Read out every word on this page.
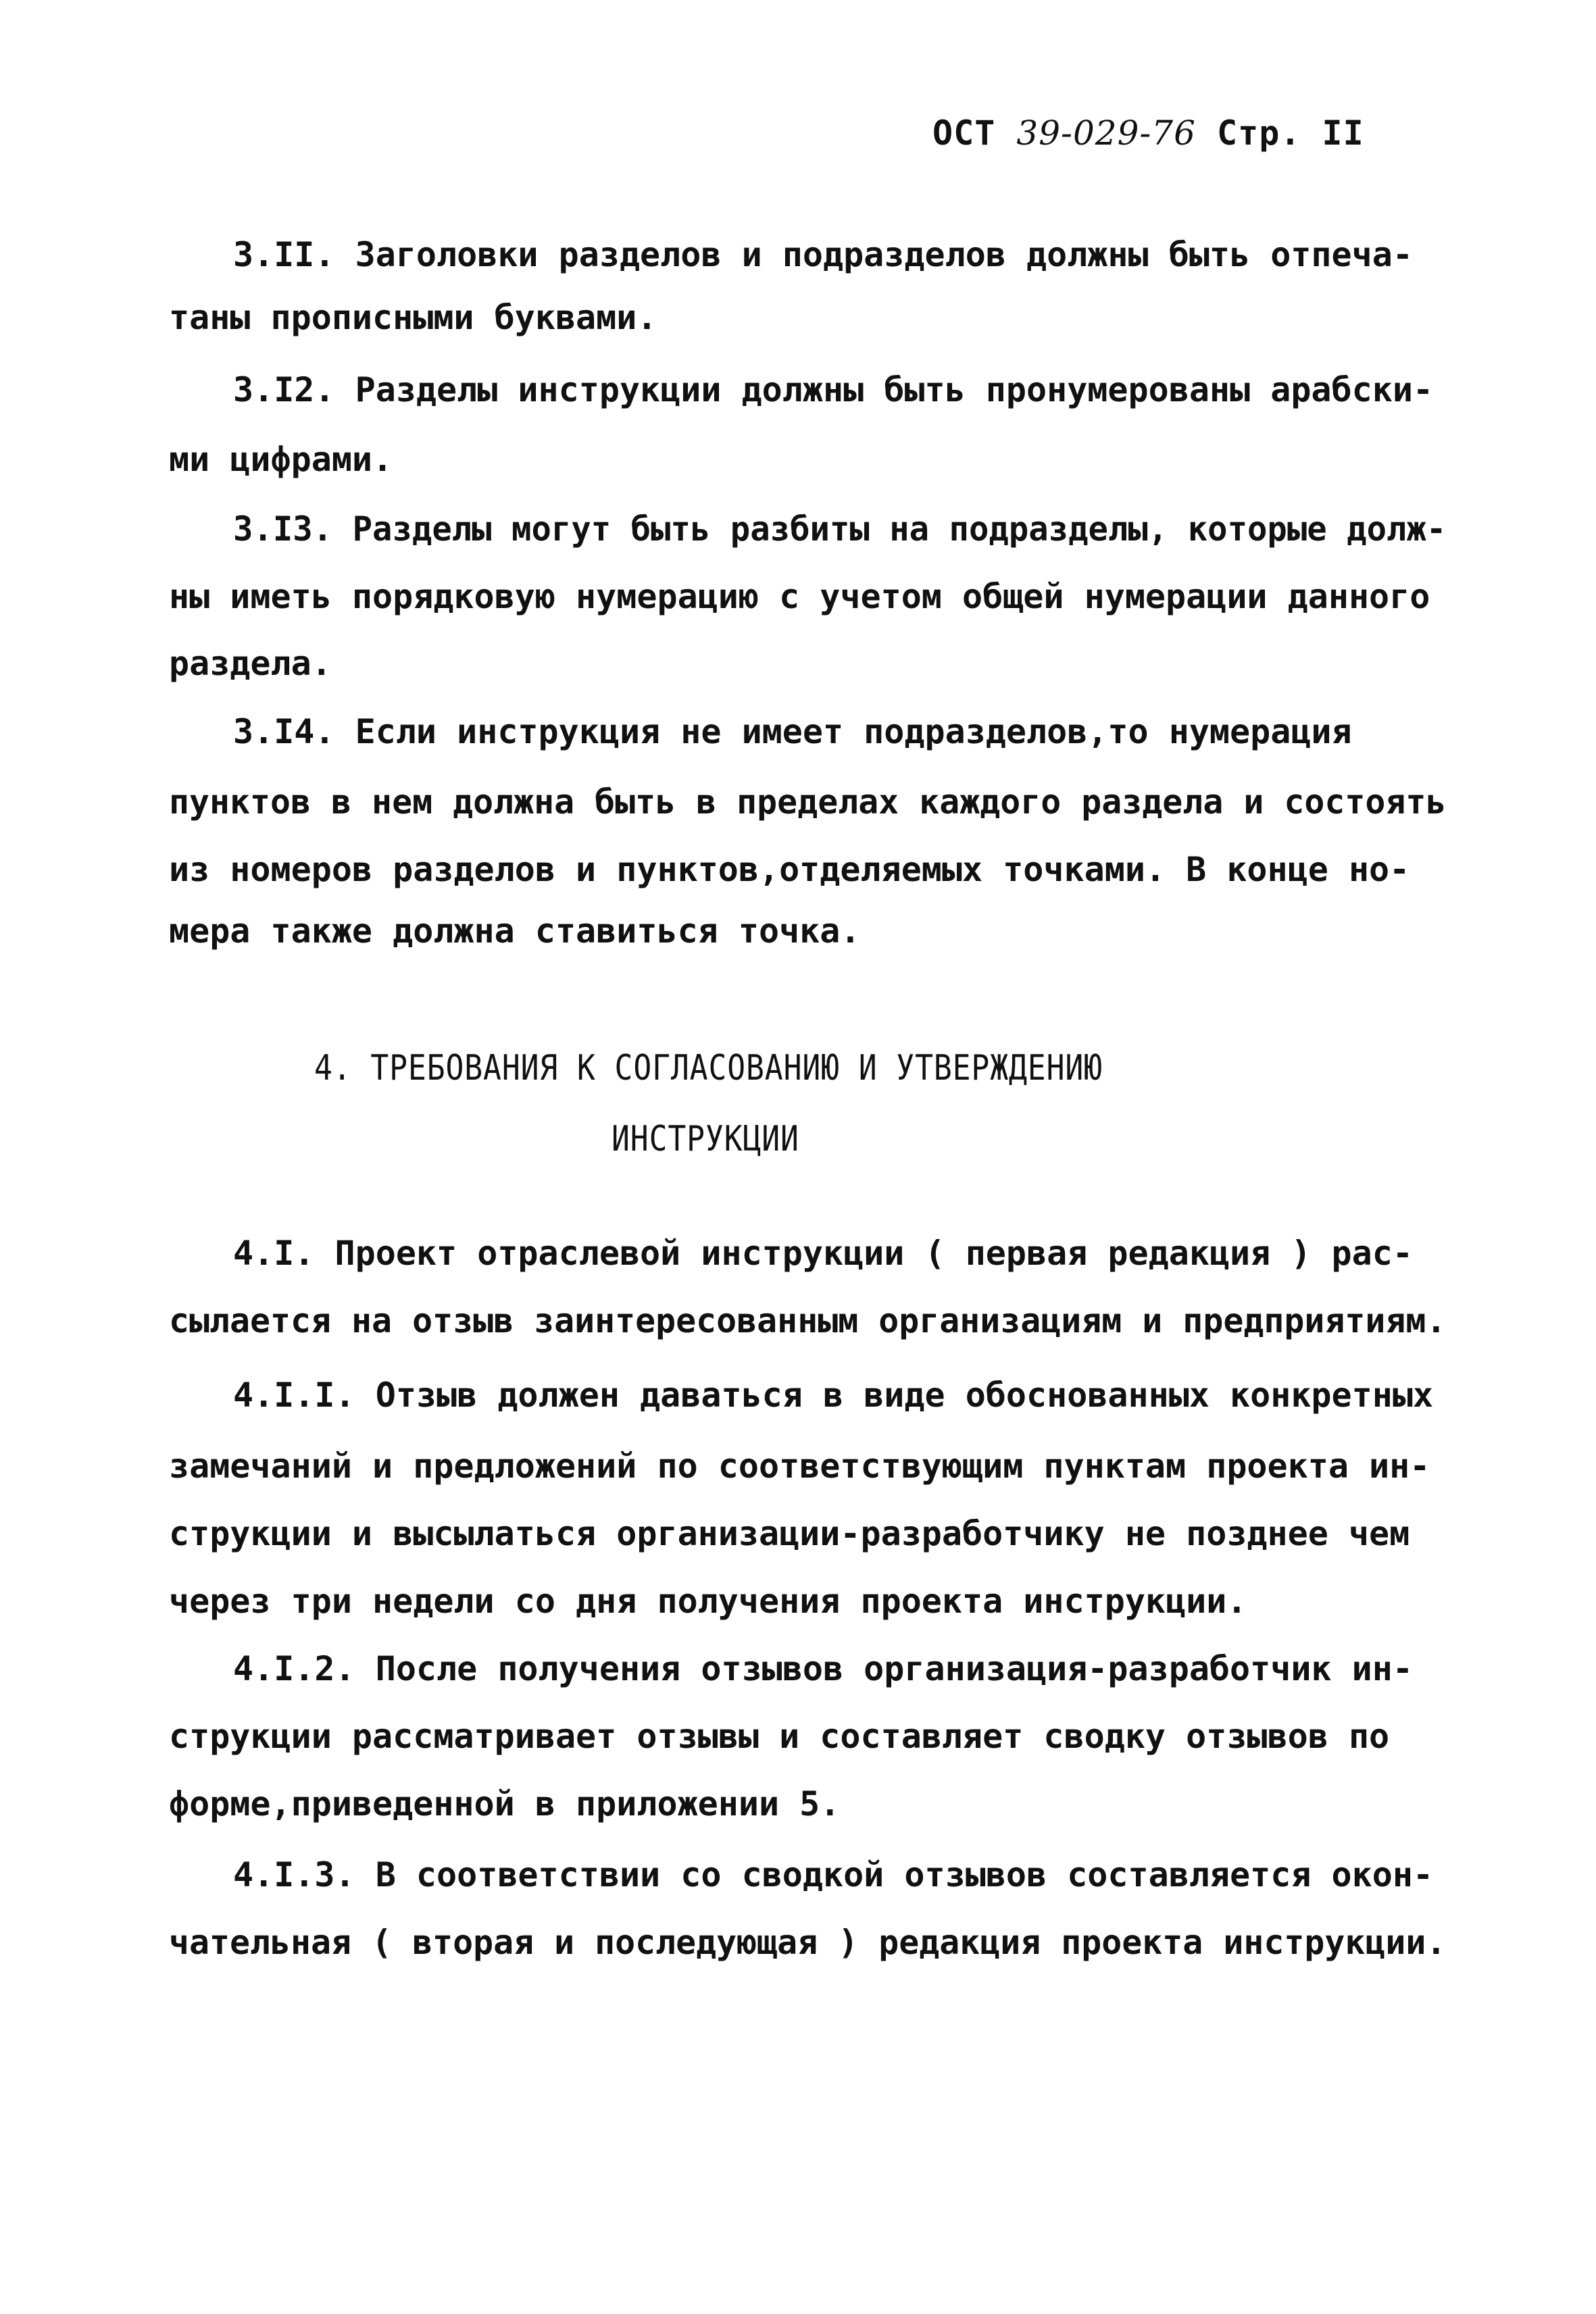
ОСТ 39-029-76 Стр. II
3.II. Заголовки разделов и подразделов должны быть отпеча-
таны прописными буквами.
3.I2. Разделы инструкции должны быть пронумерованы арабски-
ми цифрами.
3.I3. Разделы могут быть разбиты на подразделы, которые долж-
ны иметь порядковую нумерацию с учетом общей нумерации данного
раздела.
3.I4. Если инструкция не имеет подразделов,то нумерация
пунктов в нем должна быть в пределах каждого раздела и состоять
из номеров разделов и пунктов,отделяемых точками. В конце но-
мера также должна ставиться точка.
4. ТРЕБОВАНИЯ К СОГЛАСОВАНИЮ И УТВЕРЖДЕНИЮ
ИНСТРУКЦИИ
4.I. Проект отраслевой инструкции ( первая редакция ) рас-
сылается на отзыв заинтересованным организациям и предприятиям.
4.I.I. Отзыв должен даваться в виде обоснованных конкретных
замечаний и предложений по соответствующим пунктам проекта ин-
струкции и высылаться организации-разработчику не позднее чем
через три недели со дня получения проекта инструкции.
4.I.2. После получения отзывов организация-разработчик ин-
струкции рассматривает отзывы и составляет сводку отзывов по
форме,приведенной в приложении 5.
4.I.3. В соответствии со сводкой отзывов составляется окон-
чательная ( вторая и последующая ) редакция проекта инструкции.
